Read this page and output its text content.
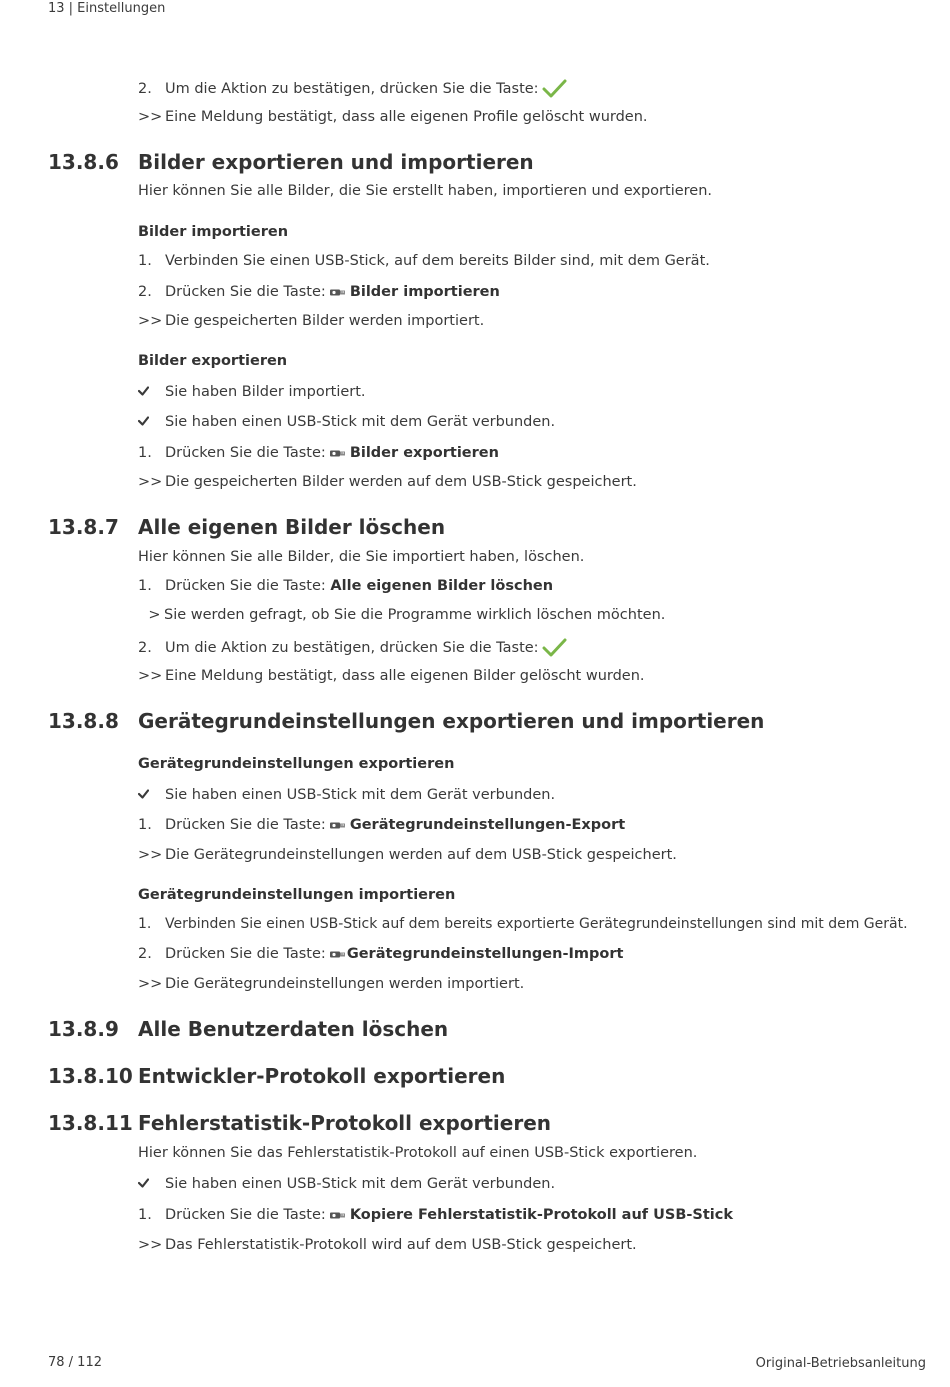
13 | Einstellungen
2. Um die Aktion zu bestätigen, drücken Sie die Taste:
>> Eine Meldung bestätigt, dass alle eigenen Profile gelöscht wurden.
13.8.6 Bilder exportieren und importieren
Hier können Sie alle Bilder, die Sie erstellt haben, importieren und exportieren.
Bilder importieren
1. Verbinden Sie einen USB-Stick, auf dem bereits Bilder sind, mit dem Gerät.
2. Drücken Sie die Taste: Bilder importieren
>> Die gespeicherten Bilder werden importiert.
Bilder exportieren
Sie haben Bilder importiert.
Sie haben einen USB-Stick mit dem Gerät verbunden.
1. Drücken Sie die Taste: Bilder exportieren
>> Die gespeicherten Bilder werden auf dem USB-Stick gespeichert.
13.8.7 Alle eigenen Bilder löschen
Hier können Sie alle Bilder, die Sie importiert haben, löschen.
1. Drücken Sie die Taste:
Alle eigenen Bilder löschen
> Sie werden gefragt, ob Sie die Programme wirklich löschen möchten.
2. Um die Aktion zu bestätigen, drücken Sie die Taste:
>> Eine Meldung bestätigt, dass alle eigenen Bilder gelöscht wurden.
13.8.8 Gerätegrundeinstellungen exportieren und importieren
Gerätegrundeinstellungen exportieren
Sie haben einen USB-Stick mit dem Gerät verbunden.
1. Drücken Sie die Taste: Gerätegrundeinstellungen-Export
>> Die Gerätegrundeinstellungen werden auf dem USB-Stick gespeichert.
Gerätegrundeinstellungen importieren
1. Verbinden Sie einen USB-Stick auf dem bereits exportierte Gerätegrundeinstellungen sind mit dem Gerät.
2. Drücken Sie die Taste: Gerätegrundeinstellungen-Import
>> Die Gerätegrundeinstellungen werden importiert.
13.8.9 Alle Benutzerdaten löschen
13.8.10 Entwickler-Protokoll exportieren
13.8.11 Fehlerstatistik-Protokoll exportieren
Hier können Sie das Fehlerstatistik-Protokoll auf einen USB-Stick exportieren.
Sie haben einen USB-Stick mit dem Gerät verbunden.
1. Drücken Sie die Taste: Kopiere Fehlerstatistik-Protokoll auf USB-Stick
>> Das Fehlerstatistik-Protokoll wird auf dem USB-Stick gespeichert.
78 / 112	Original-Betriebsanleitung
